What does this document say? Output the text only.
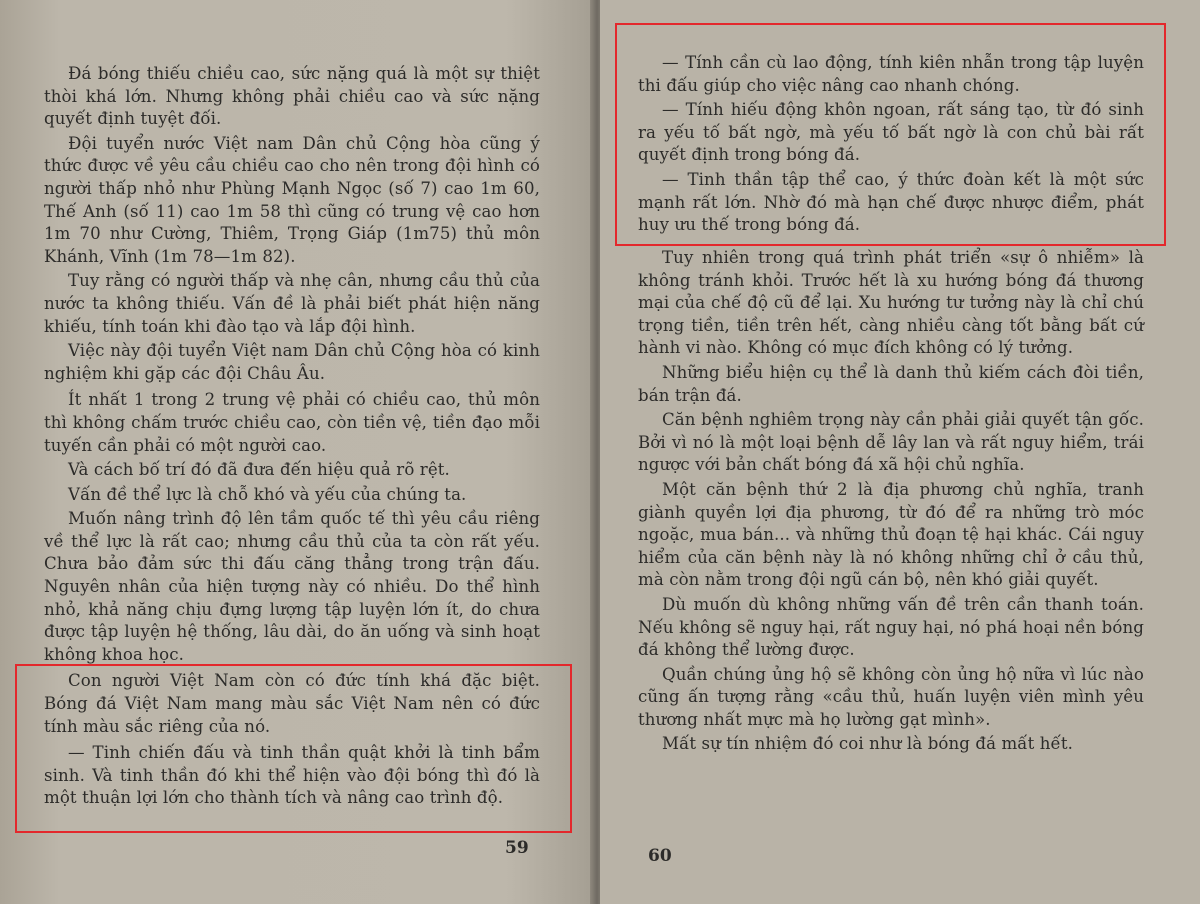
Đá bóng thiếu chiều cao, sức nặng quá là một sự thiệt thòi khá lớn. Nhưng không phải chiều cao và sức nặng quyết định tuyệt đối.

Đội tuyển nước Việt nam Dân chủ Cộng hòa cũng ý thức được về yêu cầu chiều cao cho nên trong đội hình có người thấp nhỏ như Phùng Mạnh Ngọc (số 7) cao 1m 60, Thế Anh (số 11) cao 1m 58 thì cũng có trung vệ cao hơn 1m 70 như Cường, Thiêm, Trọng Giáp (1m75) thủ môn Khánh, Vĩnh (1m 78—1m 82).

Tuy rằng có người thấp và nhẹ cân, nhưng cầu thủ của nước ta không thiếu. Vấn đề là phải biết phát hiện năng khiếu, tính toán khi đào tạo và lắp đội hình.

Việc này đội tuyển Việt nam Dân chủ Cộng hòa có kinh nghiệm khi gặp các đội Châu Âu.

Ít nhất 1 trong 2 trung vệ phải có chiều cao, thủ môn thì không chấm trước chiều cao, còn tiền vệ, tiền đạo mỗi tuyến cần phải có một người cao.

Và cách bố trí đó đã đưa đến hiệu quả rõ rệt.

Vấn đề thể lực là chỗ khó và yếu của chúng ta.

Muốn nâng trình độ lên tầm quốc tế thì yêu cầu riêng về thể lực là rất cao; nhưng cầu thủ của ta còn rất yếu. Chưa bảo đảm sức thi đấu căng thẳng trong trận đấu. Nguyên nhân của hiện tượng này có nhiều. Do thể hình nhỏ, khả năng chịu đựng lượng tập luyện lớn ít, do chưa được tập luyện hệ thống, lâu dài, do ăn uống và sinh hoạt không khoa học.

Con người Việt Nam còn có đức tính khá đặc biệt. Bóng đá Việt Nam mang màu sắc Việt Nam nên có đức tính màu sắc riêng của nó.

— Tinh chiến đấu và tinh thần quật khởi là tinh bẩm sinh. Và tinh thần đó khi thể hiện vào đội bóng thì đó là một thuận lợi lớn cho thành tích và nâng cao trình độ.

59

— Tính cần cù lao động, tính kiên nhẫn trong tập luyện thi đấu giúp cho việc nâng cao nhanh chóng.

— Tính hiếu động khôn ngoan, rất sáng tạo, từ đó sinh ra yếu tố bất ngờ, mà yếu tố bất ngờ là con chủ bài rất quyết định trong bóng đá.

— Tinh thần tập thể cao, ý thức đoàn kết là một sức mạnh rất lớn. Nhờ đó mà hạn chế được nhược điểm, phát huy ưu thế trong bóng đá.

Tuy nhiên trong quá trình phát triển «sự ô nhiễm» là không tránh khỏi. Trước hết là xu hướng bóng đá thương mại của chế độ cũ để lại. Xu hướng tư tưởng này là chỉ chú trọng tiền, tiền trên hết, càng nhiều càng tốt bằng bất cứ hành vi nào. Không có mục đích không có lý tưởng.

Những biểu hiện cụ thể là danh thủ kiếm cách đòi tiền, bán trận đá.

Căn bệnh nghiêm trọng này cần phải giải quyết tận gốc. Bởi vì nó là một loại bệnh dễ lây lan và rất nguy hiểm, trái ngược với bản chất bóng đá xã hội chủ nghĩa.

Một căn bệnh thứ 2 là địa phương chủ nghĩa, tranh giành quyền lợi địa phương, từ đó để ra những trò móc ngoặc, mua bán... và những thủ đoạn tệ hại khác. Cái nguy hiểm của căn bệnh này là nó không những chỉ ở cầu thủ, mà còn nằm trong đội ngũ cán bộ, nên khó giải quyết.

Dù muốn dù không những vấn đề trên cần thanh toán. Nếu không sẽ nguy hại, rất nguy hại, nó phá hoại nền bóng đá không thể lường được.

Quần chúng ủng hộ sẽ không còn ủng hộ nữa vì lúc nào cũng ấn tượng rằng «cầu thủ, huấn luyện viên mình yêu thương nhất mực mà họ lường gạt mình».

Mất sự tín nhiệm đó coi như là bóng đá mất hết.

60
